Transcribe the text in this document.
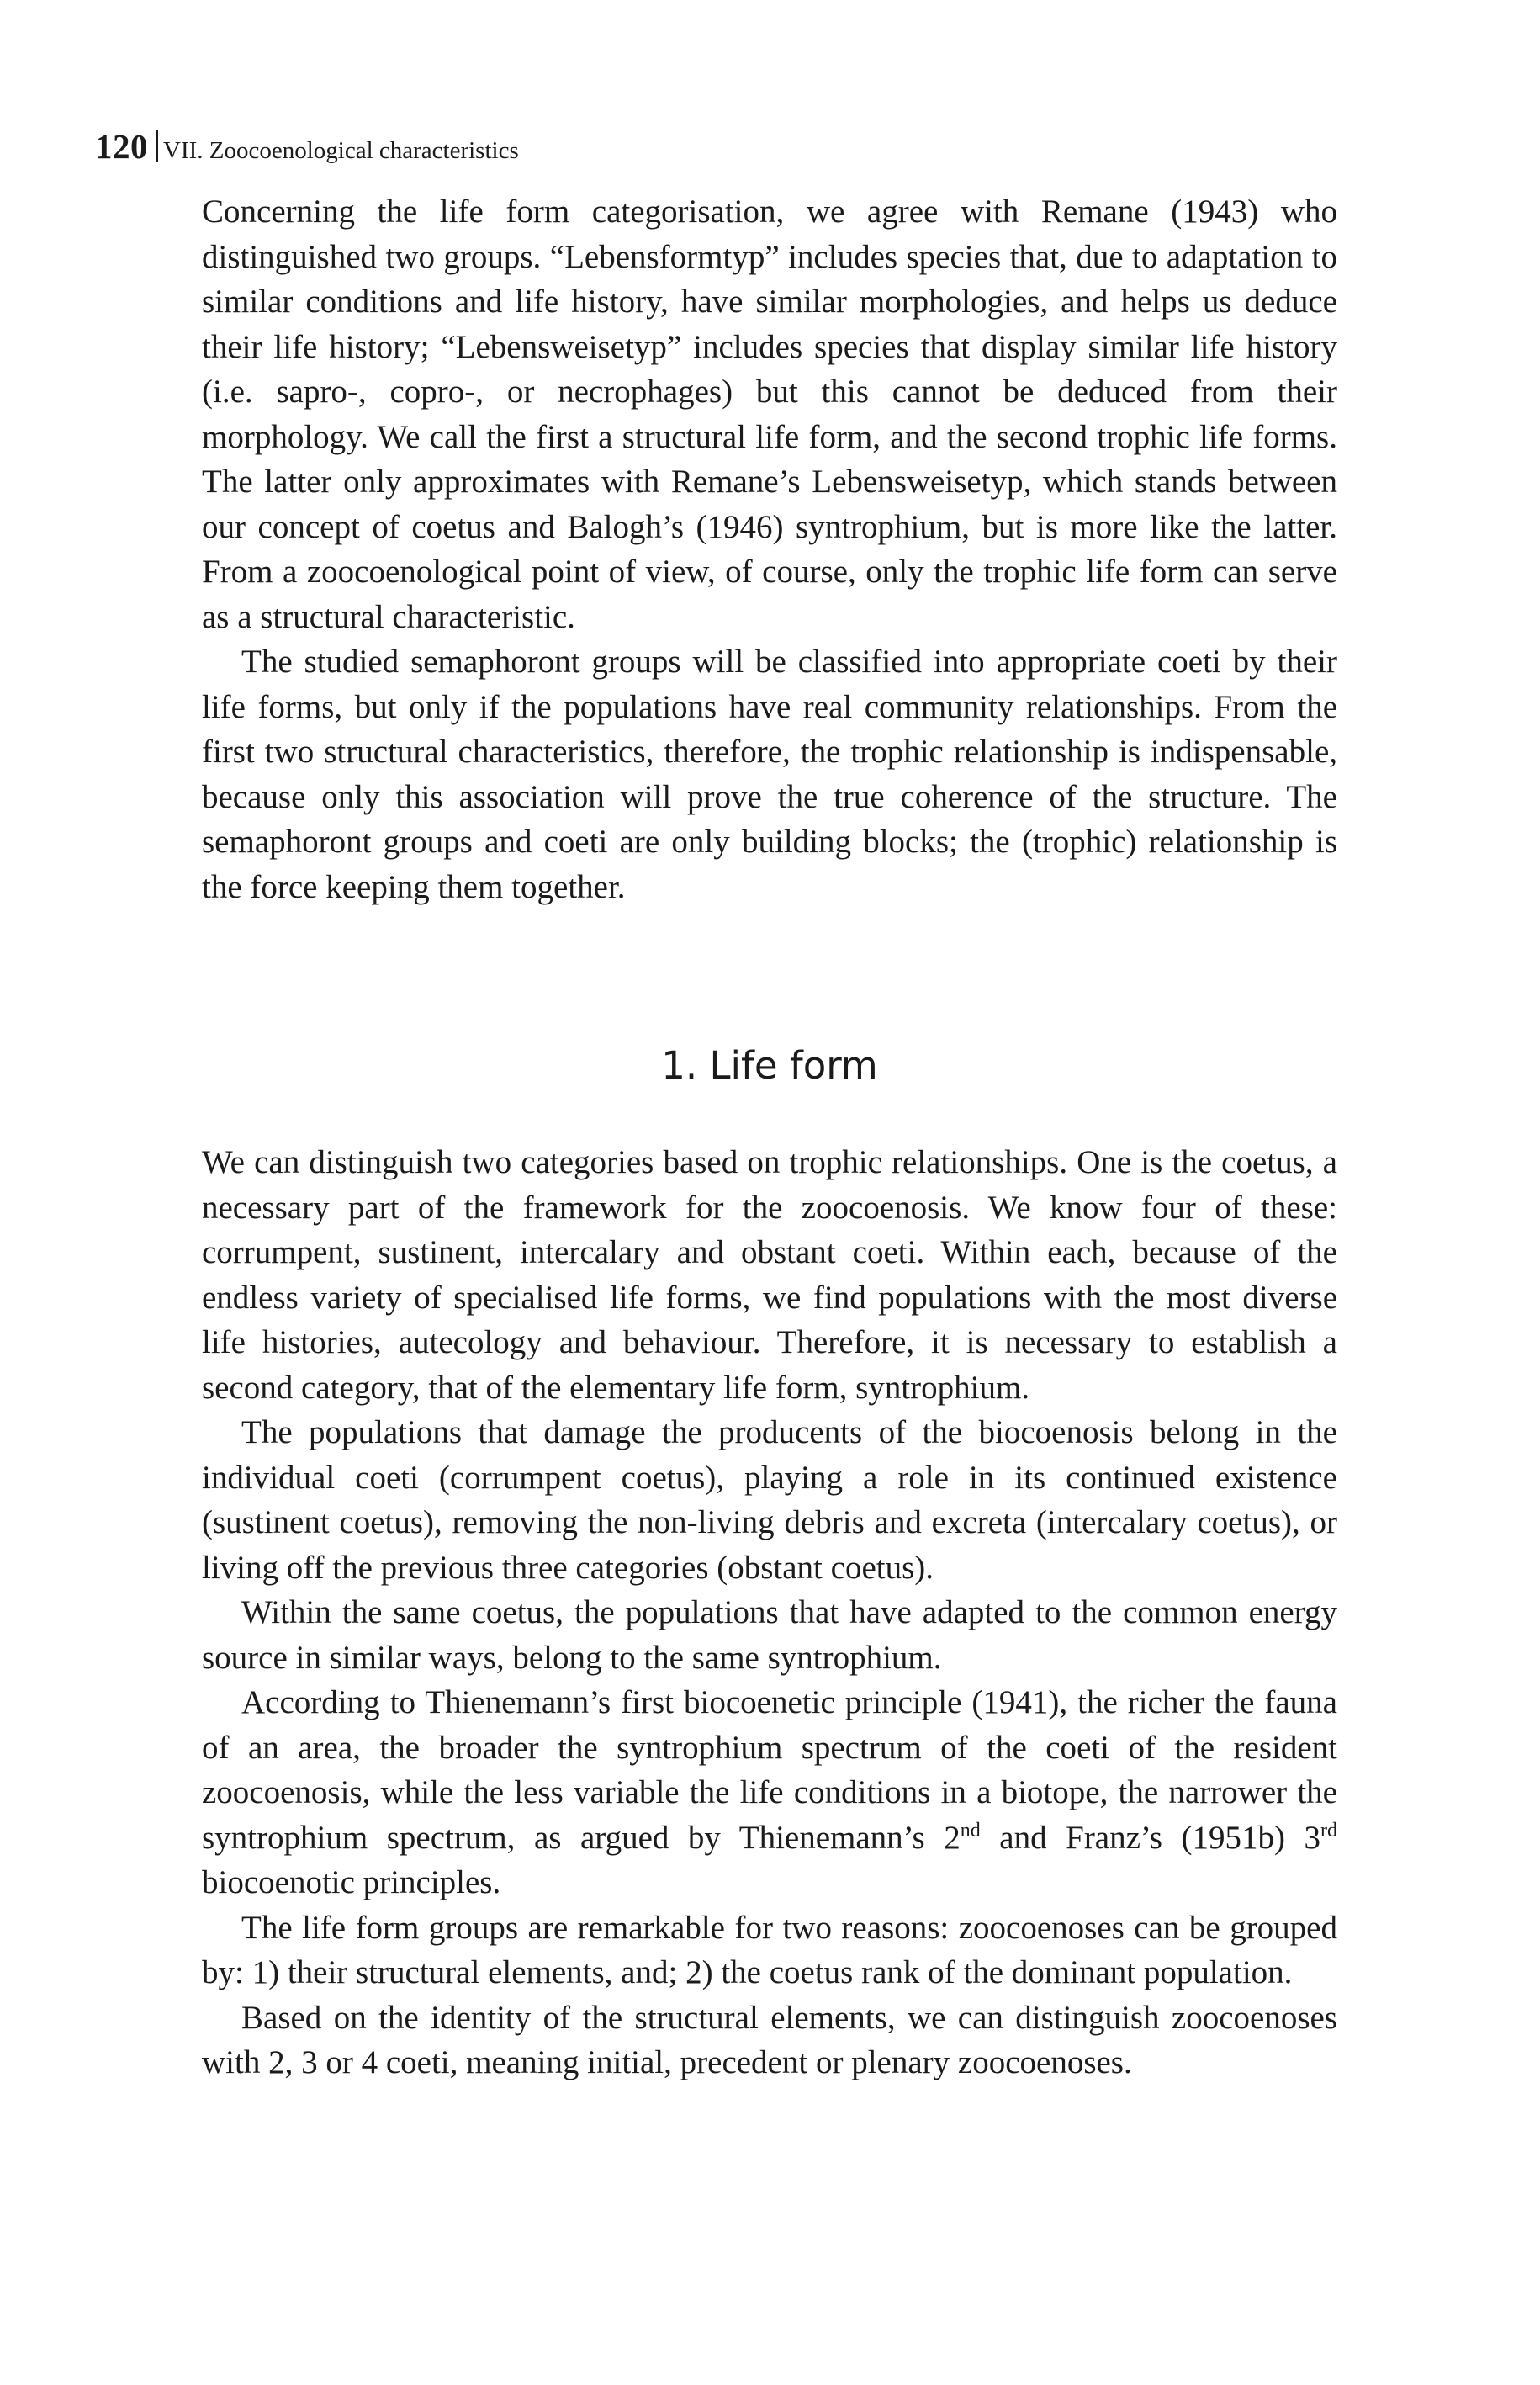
120 VII. Zoocoenological characteristics

Concerning the life form categorisation, we agree with Remane (1943) who distinguished two groups. “Lebensformtyp” includes species that, due to adaptation to similar conditions and life history, have similar morphologies, and helps us deduce their life history; “Lebensweisetyp” includes species that display similar life history (i.e. sapro-, copro-, or necrophages) but this cannot be deduced from their morphology. We call the first a structural life form, and the second trophic life forms. The latter only approximates with Remane’s Lebensweisetyp, which stands between our concept of coetus and Balogh’s (1946) syntrophium, but is more like the latter. From a zoocoenological point of view, of course, only the trophic life form can serve as a structural characteristic.

The studied semaphoront groups will be classified into appropriate coeti by their life forms, but only if the populations have real community relationships. From the first two structural characteristics, therefore, the trophic relationship is indispensable, because only this association will prove the true coherence of the structure. The semaphoront groups and coeti are only building blocks; the (trophic) relationship is the force keeping them together.

1. Life form

We can distinguish two categories based on trophic relationships. One is the coetus, a necessary part of the framework for the zoocoenosis. We know four of these: corrumpent, sustinent, intercalary and obstant coeti. Within each, because of the endless variety of specialised life forms, we find populations with the most diverse life histories, autecology and behaviour. Therefore, it is necessary to establish a second category, that of the elementary life form, syntrophium.

The populations that damage the producents of the biocoenosis belong in the individual coeti (corrumpent coetus), playing a role in its continued existence (sustinent coetus), removing the non-living debris and excreta (intercalary coetus), or living off the previous three categories (obstant coetus).

Within the same coetus, the populations that have adapted to the common energy source in similar ways, belong to the same syntrophium.

According to Thienemann’s first biocoenetic principle (1941), the richer the fauna of an area, the broader the syntrophium spectrum of the coeti of the resident zoocoenosis, while the less variable the life conditions in a biotope, the narrower the syntrophium spectrum, as argued by Thienemann’s 2nd and Franz’s (1951b) 3rd biocoenotic principles.

The life form groups are remarkable for two reasons: zoocoenoses can be grouped by: 1) their structural elements, and; 2) the coetus rank of the dominant population.

Based on the identity of the structural elements, we can distinguish zoocoenoses with 2, 3 or 4 coeti, meaning initial, precedent or plenary zoocoenoses.
